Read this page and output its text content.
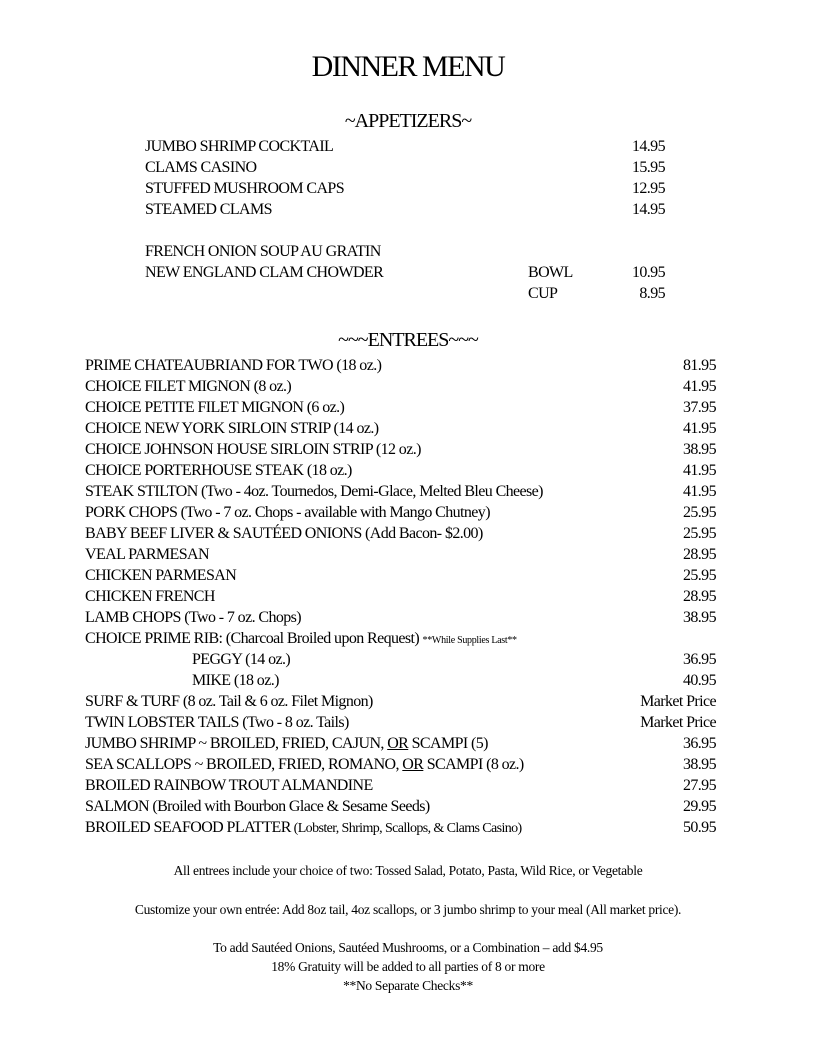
DINNER MENU
~APPETIZERS~
JUMBO SHRIMP COCKTAIL	14.95
CLAMS CASINO	15.95
STUFFED MUSHROOM CAPS	12.95
STEAMED CLAMS	14.95
FRENCH ONION SOUP AU GRATIN
NEW ENGLAND CLAM CHOWDER	BOWL	10.95
CUP	8.95
~~~ENTREES~~~
PRIME CHATEAUBRIAND FOR TWO (18 oz.)	81.95
CHOICE FILET MIGNON (8 oz.)	41.95
CHOICE PETITE FILET MIGNON (6 oz.)	37.95
CHOICE NEW YORK SIRLOIN STRIP (14 oz.)	41.95
CHOICE JOHNSON HOUSE SIRLOIN STRIP (12 oz.)	38.95
CHOICE PORTERHOUSE STEAK (18 oz.)	41.95
STEAK STILTON (Two - 4oz. Tournedos, Demi-Glace, Melted Bleu Cheese)	41.95
PORK CHOPS (Two - 7 oz. Chops - available with Mango Chutney)	25.95
BABY BEEF LIVER & SAUTÉED ONIONS (Add Bacon- $2.00)	25.95
VEAL PARMESAN	28.95
CHICKEN PARMESAN	25.95
CHICKEN FRENCH	28.95
LAMB CHOPS (Two - 7 oz. Chops)	38.95
CHOICE PRIME RIB: (Charcoal Broiled upon Request) **While Supplies Last**
PEGGY (14 oz.)	36.95
MIKE (18 oz.)	40.95
SURF & TURF (8 oz. Tail & 6 oz. Filet Mignon)	Market Price
TWIN LOBSTER TAILS (Two - 8 oz. Tails)	Market Price
JUMBO SHRIMP ~ BROILED, FRIED, CAJUN, OR SCAMPI (5)	36.95
SEA SCALLOPS ~ BROILED, FRIED, ROMANO, OR SCAMPI (8 oz.)	38.95
BROILED RAINBOW TROUT ALMANDINE	27.95
SALMON (Broiled with Bourbon Glace & Sesame Seeds)	29.95
BROILED SEAFOOD PLATTER (Lobster, Shrimp, Scallops, & Clams Casino)	50.95
All entrees include your choice of two: Tossed Salad, Potato, Pasta, Wild Rice, or Vegetable
Customize your own entrée: Add 8oz tail, 4oz scallops, or 3 jumbo shrimp to your meal (All market price).
To add Sautéed Onions, Sautéed Mushrooms, or a Combination – add $4.95
18% Gratuity will be added to all parties of 8 or more
**No Separate Checks**
